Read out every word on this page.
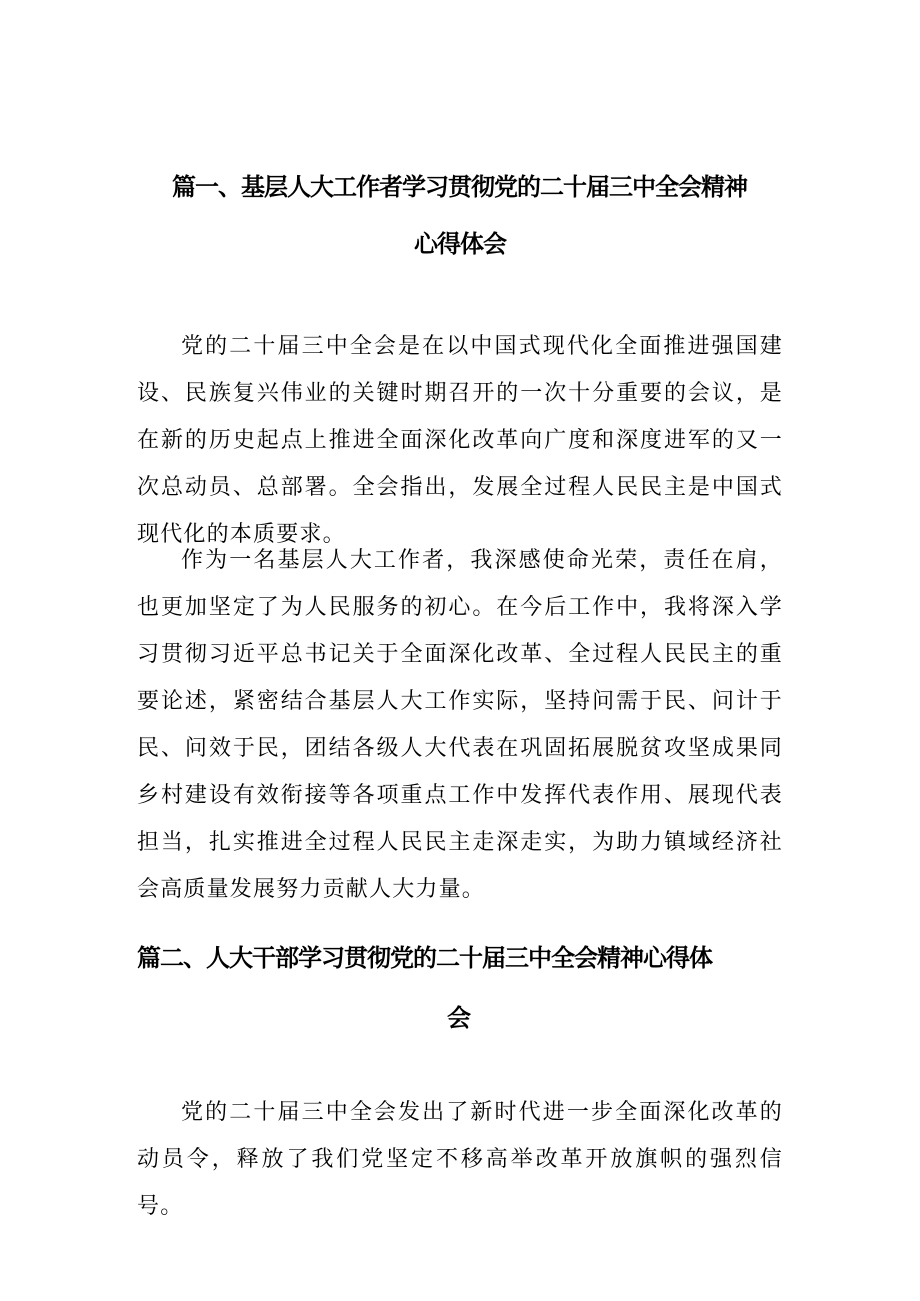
篇一、基层人大工作者学习贯彻党的二十届三中全会精神
心得体会

党的二十届三中全会是在以中国式现代化全面推进强国建设、民族复兴伟业的关键时期召开的一次十分重要的会议，是在新的历史起点上推进全面深化改革向广度和深度进军的又一次总动员、总部署。全会指出，发展全过程人民民主是中国式现代化的本质要求。

作为一名基层人大工作者，我深感使命光荣，责任在肩，也更加坚定了为人民服务的初心。在今后工作中，我将深入学习贯彻习近平总书记关于全面深化改革、全过程人民民主的重要论述，紧密结合基层人大工作实际，坚持问需于民、问计于民、问效于民，团结各级人大代表在巩固拓展脱贫攻坚成果同乡村建设有效衔接等各项重点工作中发挥代表作用、展现代表担当，扎实推进全过程人民民主走深走实，为助力镇域经济社会高质量发展努力贡献人大力量。

篇二、人大干部学习贯彻党的二十届三中全会精神心得体
会

党的二十届三中全会发出了新时代进一步全面深化改革的动员令，释放了我们党坚定不移高举改革开放旗帜的强烈信号。
